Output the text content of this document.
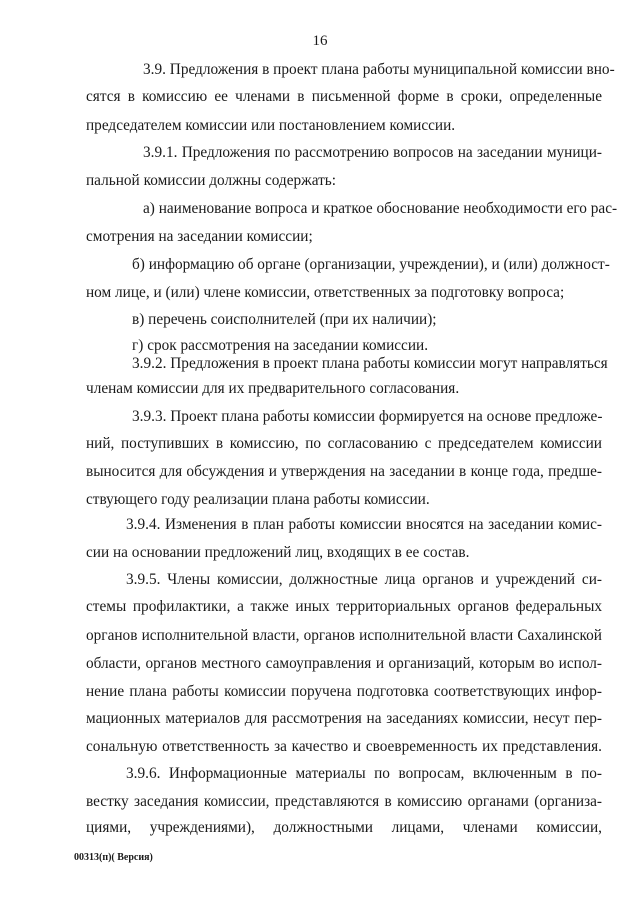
16
3.9. Предложения в проект плана работы муниципальной комиссии вно-
сятся в комиссию ее членами в письменной форме в сроки, определенные
председателем комиссии или постановлением комиссии.
3.9.1. Предложения по рассмотрению вопросов на заседании муници-
пальной комиссии должны содержать:
а) наименование вопроса и краткое обоснование необходимости его рас-
смотрения на заседании комиссии;
б) информацию об органе (организации, учреждении), и (или) должност-
ном лице, и (или) члене комиссии, ответственных за подготовку вопроса;
в) перечень соисполнителей (при их наличии);
г) срок рассмотрения на заседании комиссии.
3.9.2. Предложения в проект плана работы комиссии могут направляться
членам комиссии для их предварительного согласования.
3.9.3. Проект плана работы комиссии формируется на основе предложе-
ний, поступивших в комиссию, по согласованию с председателем комиссии
выносится для обсуждения и утверждения на заседании в конце года, предше-
ствующего году реализации плана работы комиссии.
3.9.4. Изменения в план работы комиссии вносятся на заседании комис-
сии на основании предложений лиц, входящих в ее состав.
3.9.5. Члены комиссии, должностные лица органов и учреждений си-
стемы профилактики, а также иных территориальных органов федеральных
органов исполнительной власти, органов исполнительной власти Сахалинской
области, органов местного самоуправления и организаций, которым во испол-
нение плана работы комиссии поручена подготовка соответствующих инфор-
мационных материалов для рассмотрения на заседаниях комиссии, несут пер-
сональную ответственность за качество и своевременность их представления.
3.9.6. Информационные материалы по вопросам, включенным в по-
вестку заседания комиссии, представляются в комиссию органами (организа-
циями, учреждениями), должностными лицами, членами комиссии,
00313(п)( Версия)
